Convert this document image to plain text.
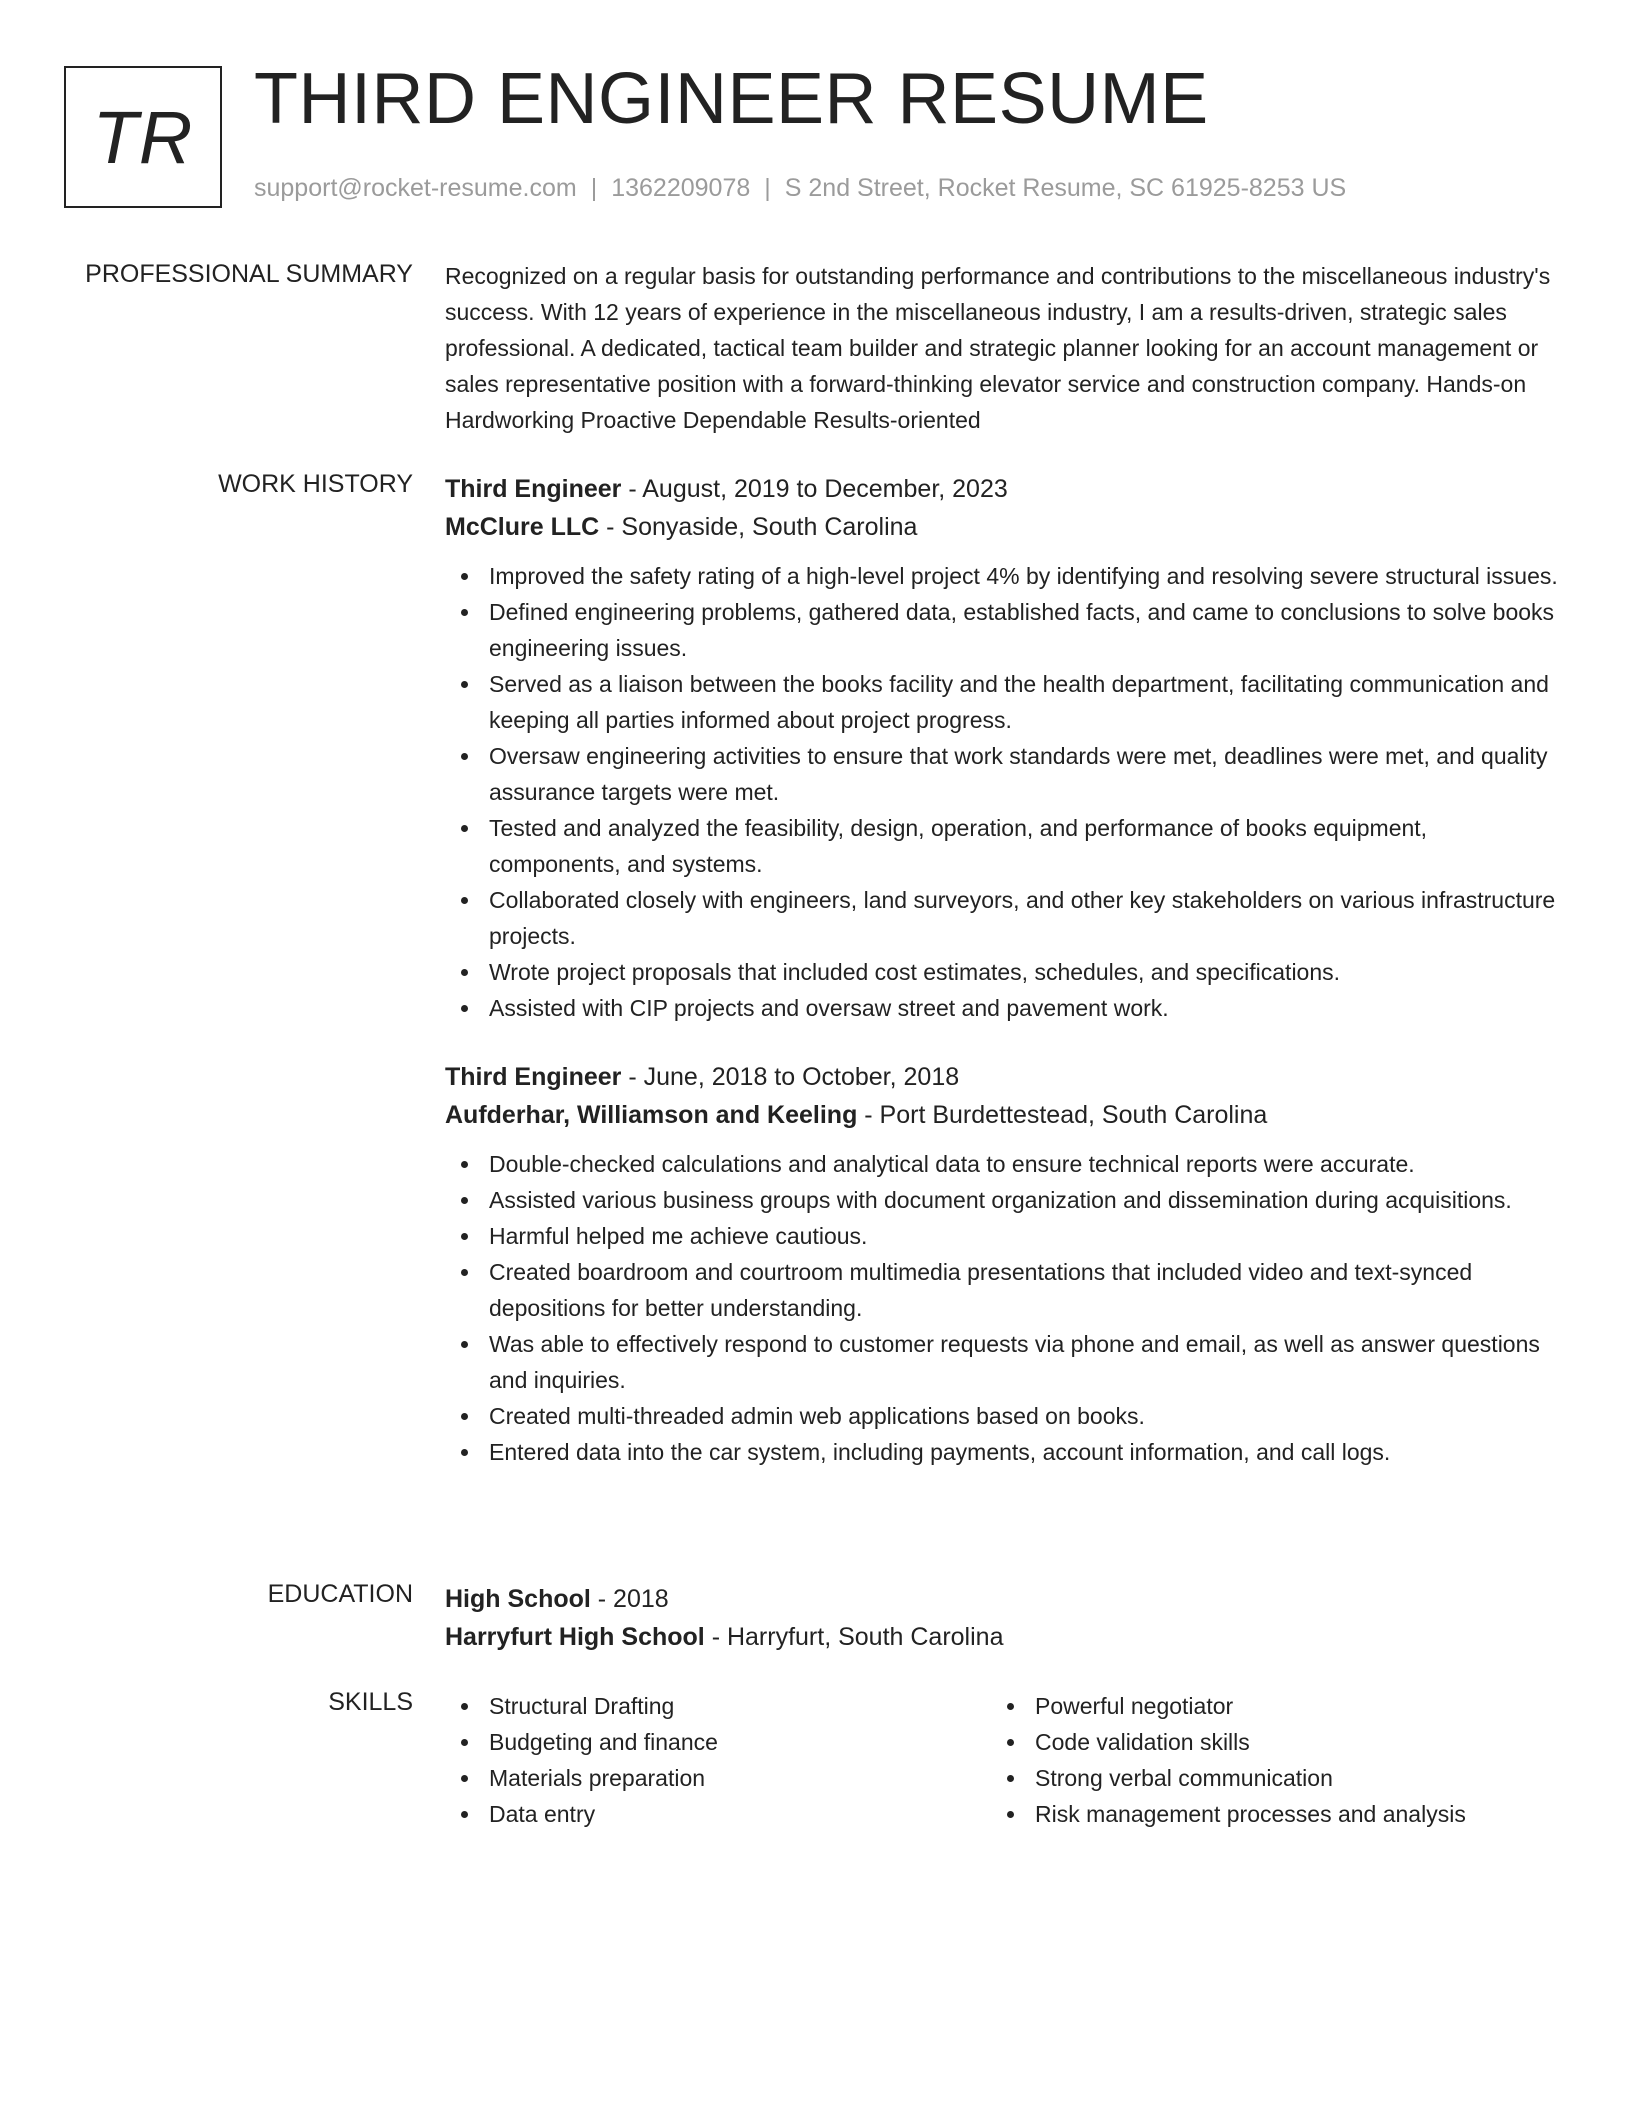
TR THIRD ENGINEER RESUME
support@rocket-resume.com | 1362209078 | S 2nd Street, Rocket Resume, SC 61925-8253 US
PROFESSIONAL SUMMARY Recognized on a regular basis for outstanding performance and contributions to the miscellaneous industry's success. With 12 years of experience in the miscellaneous industry, I am a results-driven, strategic sales professional. A dedicated, tactical team builder and strategic planner looking for an account management or sales representative position with a forward-thinking elevator service and construction company. Hands-on Hardworking Proactive Dependable Results-oriented

WORK HISTORY Third Engineer - August, 2019 to December, 2023
McClure LLC - Sonyaside, South Carolina
Improved the safety rating of a high-level project 4% by identifying and resolving severe structural issues.
Defined engineering problems, gathered data, established facts, and came to conclusions to solve books engineering issues.
Served as a liaison between the books facility and the health department, facilitating communication and keeping all parties informed about project progress.
Oversaw engineering activities to ensure that work standards were met, deadlines were met, and quality assurance targets were met.
Tested and analyzed the feasibility, design, operation, and performance of books equipment, components, and systems.
Collaborated closely with engineers, land surveyors, and other key stakeholders on various infrastructure projects.
Wrote project proposals that included cost estimates, schedules, and specifications.
Assisted with CIP projects and oversaw street and pavement work.
Third Engineer - June, 2018 to October, 2018
Aufderhar, Williamson and Keeling - Port Burdettestead, South Carolina
Double-checked calculations and analytical data to ensure technical reports were accurate.
Assisted various business groups with document organization and dissemination during acquisitions.
Harmful helped me achieve cautious.
Created boardroom and courtroom multimedia presentations that included video and text-synced depositions for better understanding.
Was able to effectively respond to customer requests via phone and email, as well as answer questions and inquiries.
Created multi-threaded admin web applications based on books.
Entered data into the car system, including payments, account information, and call logs.
EDUCATION High School - 2018
Harryfurt High School - Harryfurt, South Carolina
SKILLS	Structural Drafting
Budgeting and finance
Materials preparation
Data entry
Powerful negotiator
Code validation skills
Strong verbal communication
Risk management processes and analysis
